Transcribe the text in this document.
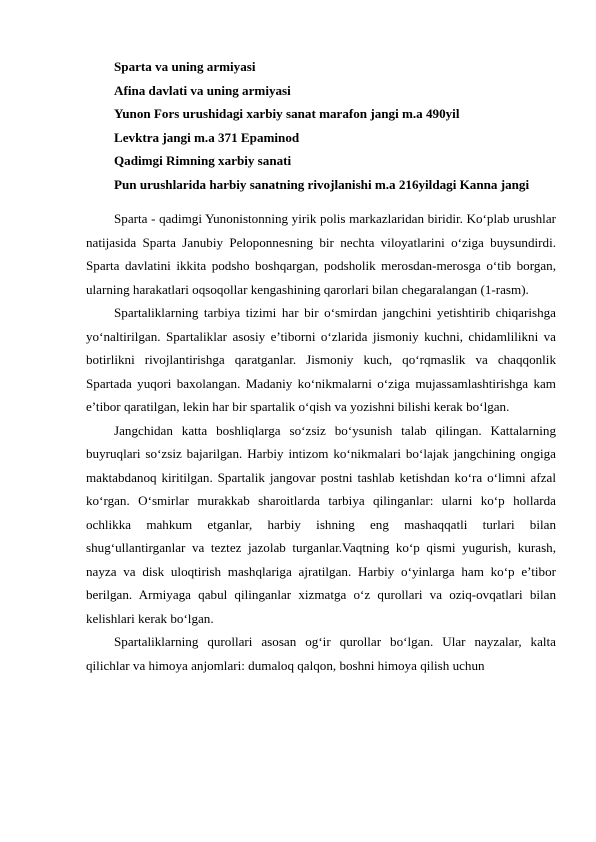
Sparta va uning armiyasi

Afina davlati va uning armiyasi

Yunon Fors urushidagi xarbiy sanat marafon jangi m.a 490yil

Levktra jangi m.a 371 Epaminod

Qadimgi Rimning xarbiy sanati

Pun urushlarida harbiy sanatning rivojlanishi m.a 216yildagi Kanna jangi

Sparta - qadimgi Yunonistonning yirik polis markazlaridan biridir. Ko‘plab urushlar natijasida Sparta Janubiy Peloponnesning bir nechta viloyatlarini o‘ziga buysundirdi. Sparta davlatini ikkita podsho boshqargan, podsholik merosdan-merosga o‘tib borgan, ularning harakatlari oqsoqollar kengashining qarorlari bilan chegaralangan (1-rasm).

Spartaliklarning tarbiya tizimi har bir o‘smirdan jangchini yetishtirib chiqarishga yo‘naltirilgan. Spartaliklar asosiy e’tiborni o‘zlarida jismoniy kuchni, chidamlilikni va botirlikni rivojlantirishga qaratganlar. Jismoniy kuch, qo‘rqmaslik va chaqqonlik Spartada yuqori baxolangan. Madaniy ko‘nikmalarni o‘ziga mujassamlashtirishga kam e’tibor qaratilgan, lekin har bir spartalik o‘qish va yozishni bilishi kerak bo‘lgan.

Jangchidan katta boshliqlarga so‘zsiz bo‘ysunish talab qilingan. Kattalarning buyruqlari so‘zsiz bajarilgan. Harbiy intizom ko‘nikmalari bo‘lajak jangchining ongiga maktabdanoq kiritilgan. Spartalik jangovar postni tashlab ketishdan ko‘ra o‘limni afzal ko‘rgan. O‘smirlar murakkab sharoitlarda tarbiya qilinganlar: ularni ko‘p hollarda ochlikka mahkum etganlar, harbiy ishning eng mashaqqatli turlari bilan shug‘ullantirganlar va teztez jazolab turganlar.Vaqtning ko‘p qismi yugurish, kurash, nayza va disk uloqtirish mashqlariga ajratilgan. Harbiy o‘yinlarga ham ko‘p e’tibor berilgan. Armiyaga qabul qilinganlar xizmatga o‘z qurollari va oziq-ovqatlari bilan kelishlari kerak bo‘lgan.

Spartaliklarning qurollari asosan og‘ir qurollar bo‘lgan. Ular nayzalar, kalta qilichlar va himoya anjomlari: dumaloq qalqon, boshni himoya qilish uchun
